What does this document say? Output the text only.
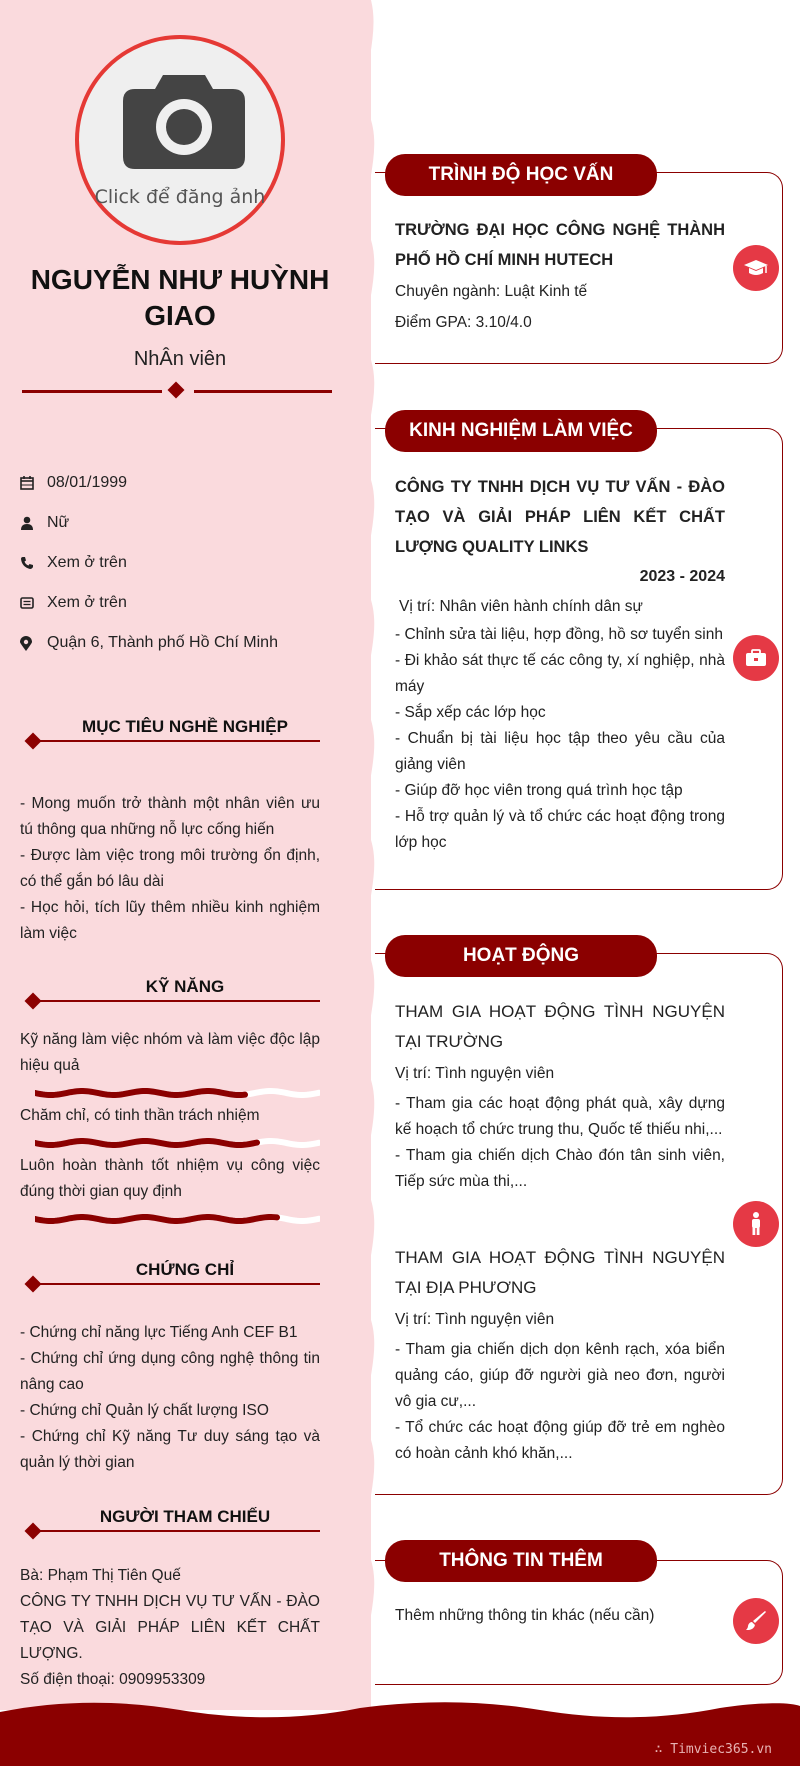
Click để đăng ảnh
NGUYỄN NHƯ HUỲNH GIAO
NhÂn viên
08/01/1999
Nữ
Xem ở trên
Xem ở trên
Quận 6, Thành phố Hồ Chí Minh
MỤC TIÊU NGHỀ NGHIỆP
- Mong muốn trở thành một nhân viên ưu tú thông qua những nỗ lực cống hiến
- Được làm việc trong môi trường ổn định, có thể gắn bó lâu dài
- Học hỏi, tích lũy thêm nhiều kinh nghiệm làm việc
KỸ NĂNG
Kỹ năng làm việc nhóm và làm việc độc lập hiệu quả
Chăm chỉ, có tinh thần trách nhiệm
Luôn hoàn thành tốt nhiệm vụ công việc đúng thời gian quy định
CHỨNG CHỈ
- Chứng chỉ năng lực Tiếng Anh CEF B1
- Chứng chỉ ứng dụng công nghệ thông tin nâng cao
- Chứng chỉ Quản lý chất lượng ISO
- Chứng chỉ Kỹ năng Tư duy sáng tạo và quản lý thời gian
NGƯỜI THAM CHIẾU
Bà: Phạm Thị Tiên Quế
CÔNG TY TNHH DỊCH VỤ TƯ VẤN - ĐÀO TẠO VÀ GIẢI PHÁP LIÊN KẾT CHẤT LƯỢNG.
Số điện thoại: 0909953309
TRÌNH ĐỘ HỌC VẤN
TRƯỜNG ĐẠI HỌC CÔNG NGHỆ THÀNH PHỐ HỒ CHÍ MINH HUTECH
Chuyên ngành: Luật Kinh tế
Điểm GPA: 3.10/4.0
KINH NGHIỆM LÀM VIỆC
CÔNG TY TNHH DỊCH VỤ TƯ VẤN - ĐÀO TẠO VÀ GIẢI PHÁP LIÊN KẾT CHẤT LƯỢNG QUALITY LINKS
2023 - 2024
Vị trí: Nhân viên hành chính dân sự
- Chỉnh sửa tài liệu, hợp đồng, hồ sơ tuyển sinh
- Đi khảo sát thực tế các công ty, xí nghiệp, nhà máy
- Sắp xếp các lớp học
- Chuẩn bị tài liệu học tập theo yêu cầu của giảng viên
- Giúp đỡ học viên trong quá trình học tập
- Hỗ trợ quản lý và tổ chức các hoạt động trong lớp học
HOẠT ĐỘNG
THAM GIA HOẠT ĐỘNG TÌNH NGUYỆN TẠI TRƯỜNG
Vị trí: Tình nguyện viên
- Tham gia các hoạt động phát quà, xây dựng kế hoạch tổ chức trung thu, Quốc tế thiếu nhi,...
- Tham gia chiến dịch Chào đón tân sinh viên, Tiếp sức mùa thi,...
THAM GIA HOẠT ĐỘNG TÌNH NGUYỆN TẠI ĐỊA PHƯƠNG
Vị trí: Tình nguyện viên
- Tham gia chiến dịch dọn kênh rạch, xóa biển quảng cáo, giúp đỡ người già neo đơn, người vô gia cư,...
- Tổ chức các hoạt động giúp đỡ trẻ em nghèo có hoàn cảnh khó khăn,...
THÔNG TIN THÊM
Thêm những thông tin khác (nếu cần)
∴ Timviec365.vn
